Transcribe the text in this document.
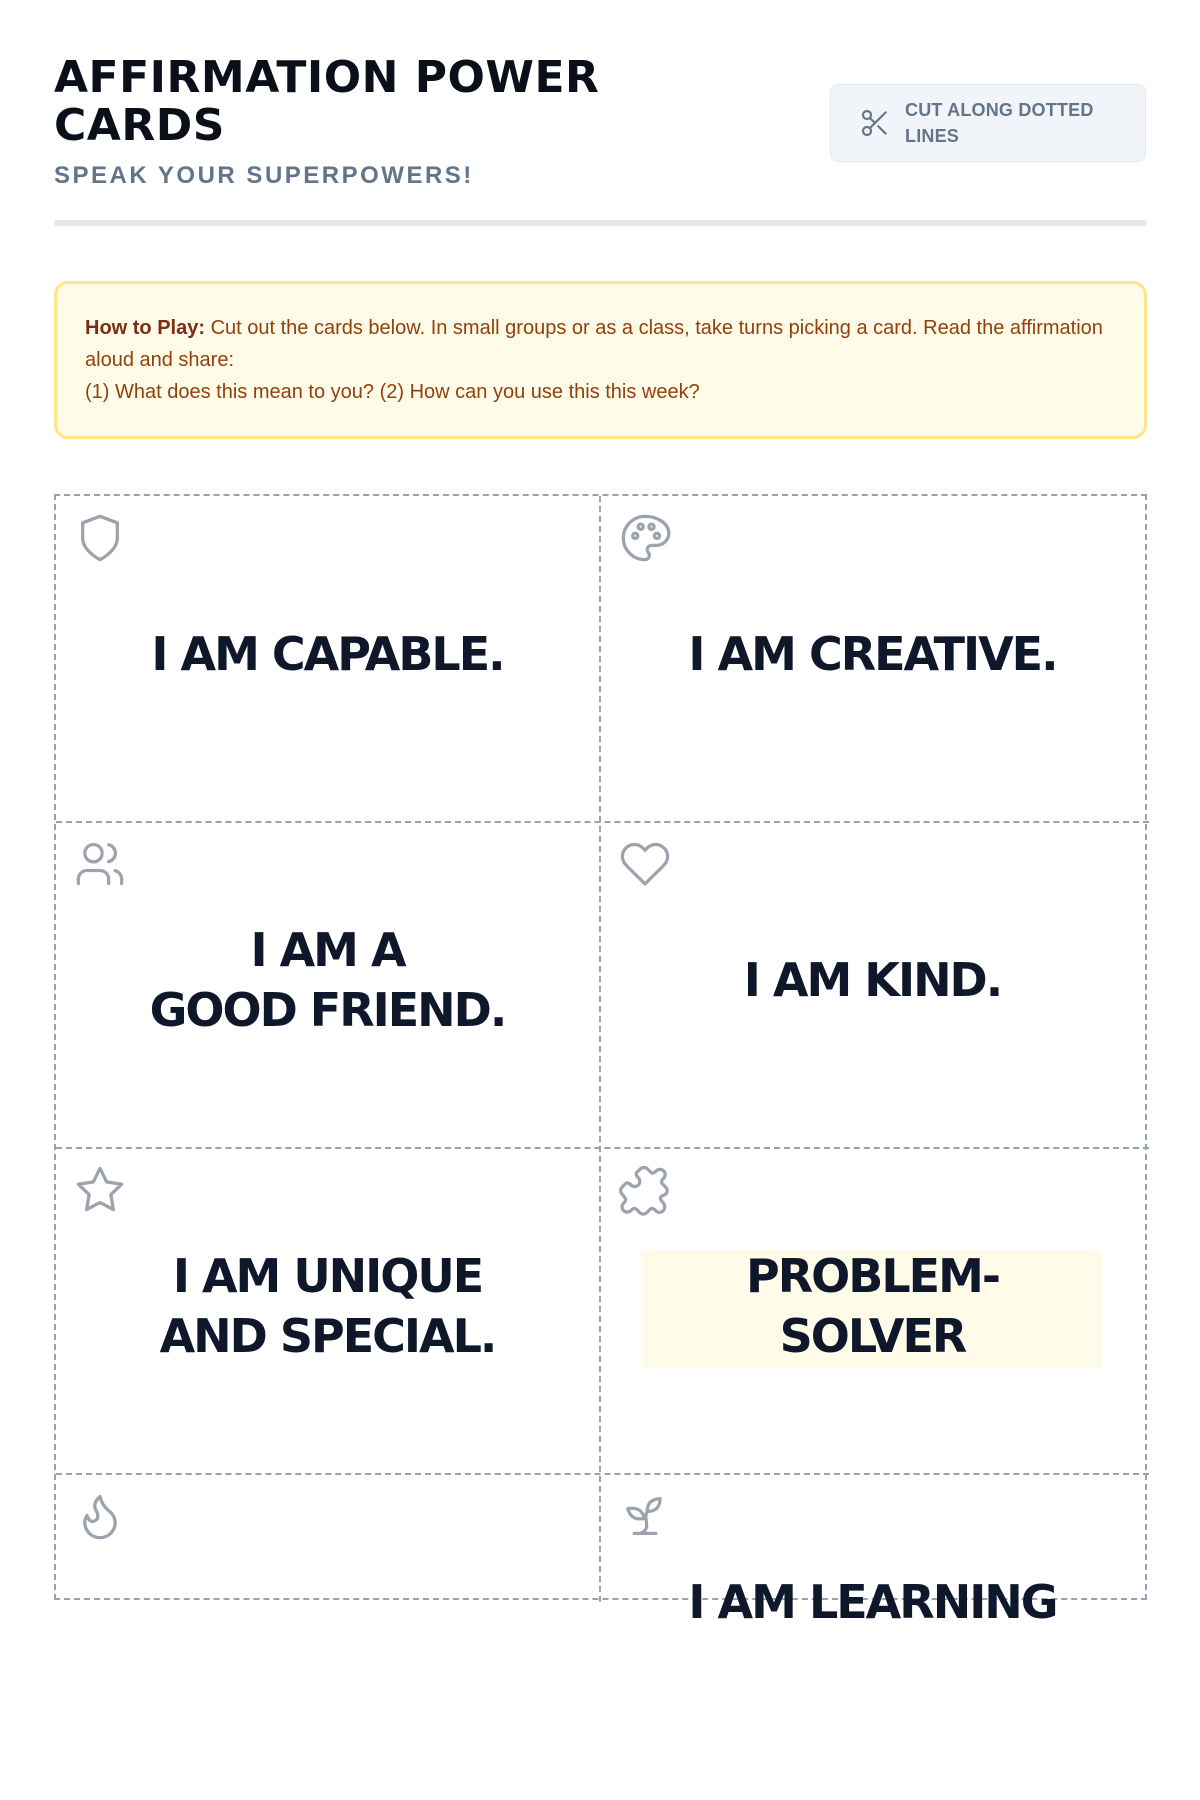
AFFIRMATION POWER CARDS

SPEAK YOUR SUPERPOWERS!

CUT ALONG DOTTED LINES
How to Play: Cut out the cards below. In small groups or as a class, take turns picking a card. Read the affirmation aloud and share:
(1) What does this mean to you? (2) How can you use this this week?
I AM CAPABLE.	I AM CREATIVE.
I AM A
GOOD FRIEND.
I AM KIND.
I AM UNIQUE
AND SPECIAL.
PROBLEM-
SOLVER
I AM LEARNING
